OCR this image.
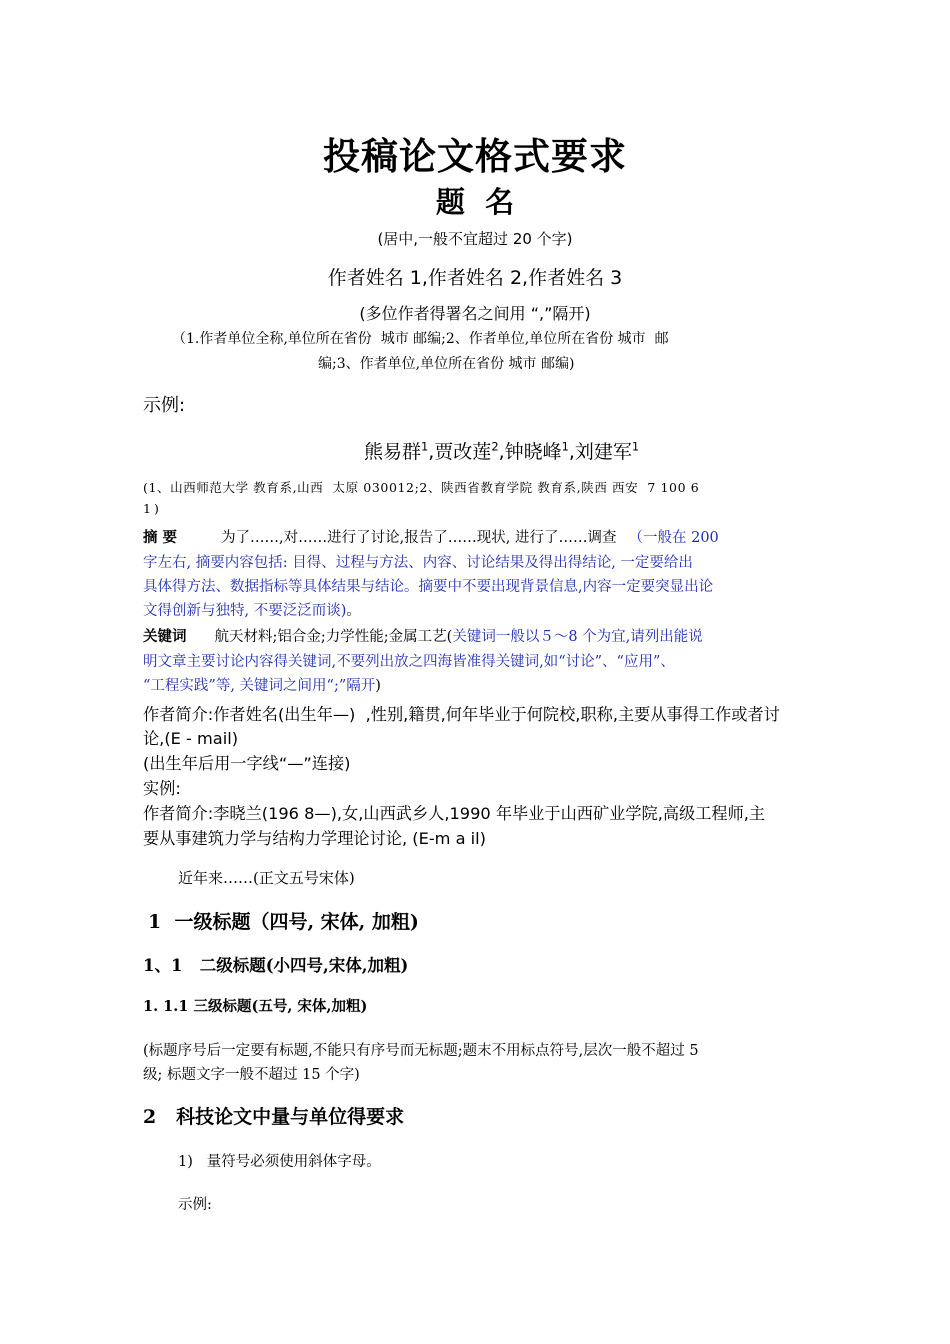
投稿论文格式要求
题  名
(居中,一般不宜超过 20 个字)
作者姓名 1,作者姓名 2,作者姓名 3
(多位作者得署名之间用 “,”隔开)
（1.作者单位全称,单位所在省份  城市 邮编;2、作者单位,单位所在省份 城市  邮
编;3、作者单位,单位所在省份 城市 邮编)
示例:
熊易群$^1$,贾改莲$^2$,钟晓峰$^1$,刘建军$^1$
(1、山西师范大学 教育系,山西  太原 030012;2、陕西省教育学院 教育系,陕西 西安  7 100 6
1)
摘 要	为了……,对……进行了讨论,报告了……现状, 进行了……调查 （一般在 200
字左右, 摘要内容包括: 目得、过程与方法、内容、讨论结果及得出得结论, 一定要给出
具体得方法、数据指标等具体结果与结论。摘要中不要出现背景信息,内容一定要突显出论
文得创新与独特, 不要泛泛而谈)。
关键词 航天材料;铝合金;力学性能;金属工艺(关键词一般以５～8 个为宜,请列出能说
明文章主要讨论内容得关键词,不要列出放之四海皆准得关键词,如“讨论”、“应用”、
“工程实践”等, 关键词之间用“;”隔开)
作者简介:作者姓名(出生年—)  ,性别,籍贯,何年毕业于何院校,职称,主要从事得工作或者讨
论,(E - mail)
(出生年后用一字线“—”连接)
实例:
作者简介:李晓兰(196 8—),女,山西武乡人,1990 年毕业于山西矿业学院,高级工程师,主
要从事建筑力学与结构力学理论讨论, (E-m a il)
近年来……(正文五号宋体)
1  一级标题（四号, 宋体, 加粗)
1、1   二级标题(小四号,宋体,加粗)
1. 1.1 三级标题(五号, 宋体,加粗)
(标题序号后一定要有标题,不能只有序号而无标题;题末不用标点符号,层次一般不超过 5
级; 标题文字一般不超过 15 个字)
2   科技论文中量与单位得要求
1)   量符号必须使用斜体字母。
示例:
